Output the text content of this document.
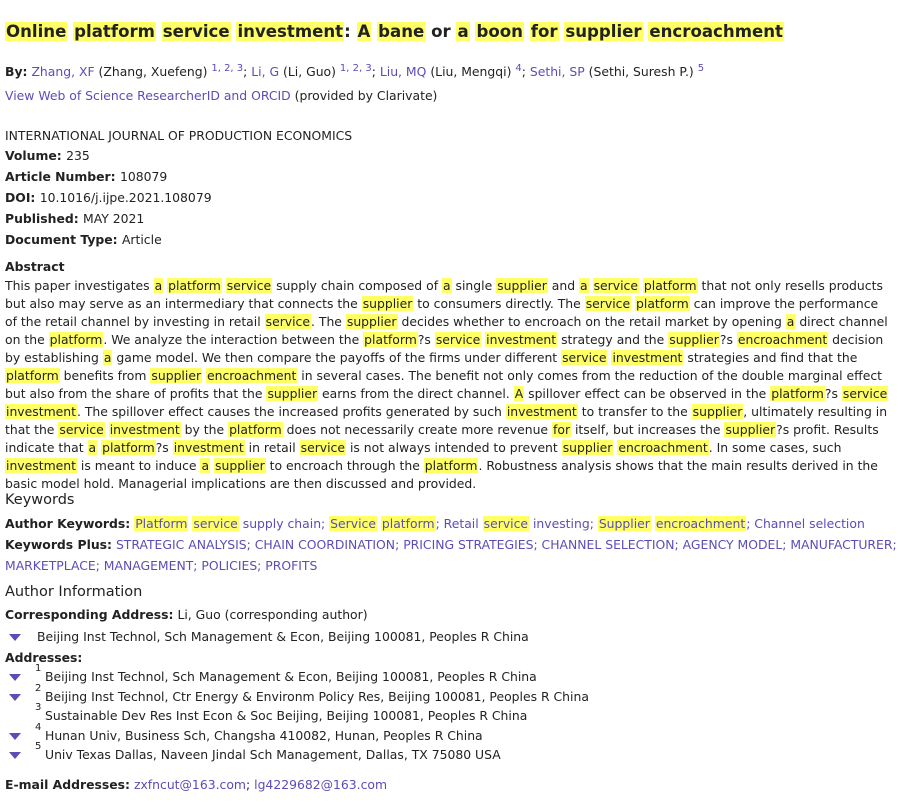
Online platform service investment: A bane or a boon for supplier encroachment
By: Zhang, XF (Zhang, Xuefeng) $^{1, 2, 3}$; Li, G (Li, Guo) $^{1, 2, 3}$; Liu, MQ (Liu, Mengqi) $^4$; Sethi, SP (Sethi, Suresh P.) $^5$
View Web of Science ResearcherID and ORCID (provided by Clarivate)
INTERNATIONAL JOURNAL OF PRODUCTION ECONOMICS
Volume: 235
Article Number: 108079
DOI: 10.1016/j.ijpe.2021.108079
Published: MAY 2021
Document Type: Article
Abstract
This paper investigates a platform service supply chain composed of a single supplier and a service platform that not only resells products but also may serve as an intermediary that connects the supplier to consumers directly. The service platform can improve the performance of the retail channel by investing in retail service. The supplier decides whether to encroach on the retail market by opening a direct channel on the platform. We analyze the interaction between the platform?s service investment strategy and the supplier?s encroachment decision by establishing a game model. We then compare the payoffs of the firms under different service investment strategies and find that the platform benefits from supplier encroachment in several cases. The benefit not only comes from the reduction of the double marginal effect but also from the share of profits that the supplier earns from the direct channel. A spillover effect can be observed in the platform?s service investment. The spillover effect causes the increased profits generated by such investment to transfer to the supplier, ultimately resulting in that the service investment by the platform does not necessarily create more revenue for itself, but increases the supplier?s profit. Results indicate that a platform?s investment in retail service is not always intended to prevent supplier encroachment. In some cases, such investment is meant to induce a supplier to encroach through the platform. Robustness analysis shows that the main results derived in the basic model hold. Managerial implications are then discussed and provided.
Keywords
Author Keywords: Platform service supply chain; Service platform; Retail service investing; Supplier encroachment; Channel selection
Keywords Plus: STRATEGIC ANALYSIS; CHAIN COORDINATION; PRICING STRATEGIES; CHANNEL SELECTION; AGENCY MODEL; MANUFACTURER;
MARKETPLACE; MANAGEMENT; POLICIES; PROFITS
Author Information
Corresponding Address: Li, Guo (corresponding author)
Beijing Inst Technol, Sch Management & Econ, Beijing 100081, Peoples R China
Addresses:
1
Beijing Inst Technol, Sch Management & Econ, Beijing 100081, Peoples R China
2
Beijing Inst Technol, Ctr Energy & Environm Policy Res, Beijing 100081, Peoples R China
3
Sustainable Dev Res Inst Econ & Soc Beijing, Beijing 100081, Peoples R China
4
Hunan Univ, Business Sch, Changsha 410082, Hunan, Peoples R China
5
Univ Texas Dallas, Naveen Jindal Sch Management, Dallas, TX 75080 USA
E-mail Addresses: zxfncut@163.com; lg4229682@163.com
